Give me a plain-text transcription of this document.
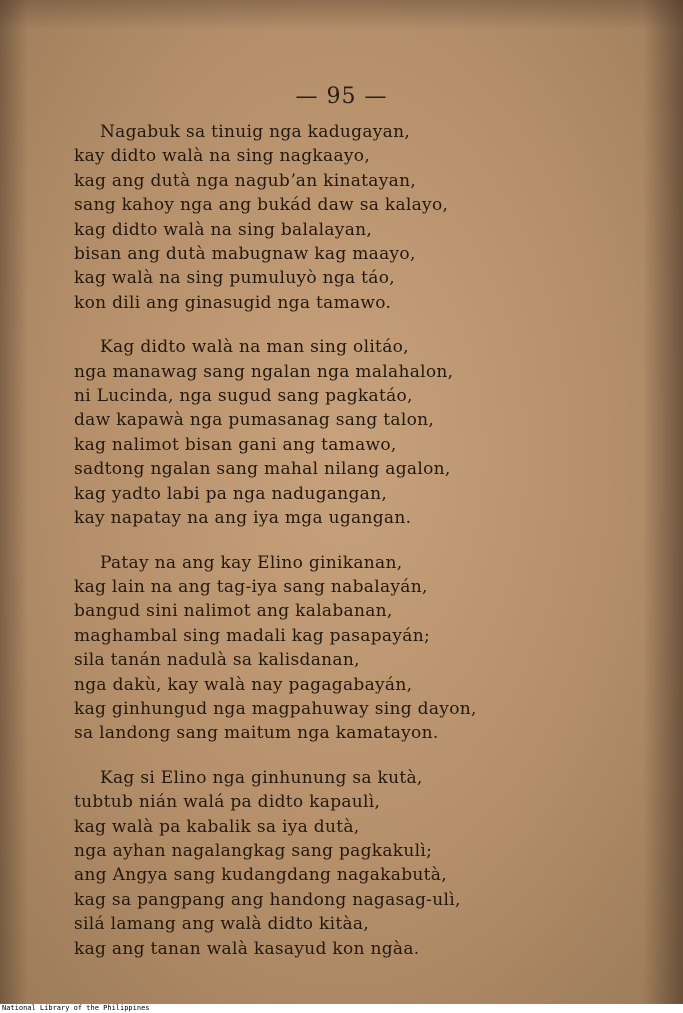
— 95 —
Nagabuk sa tinuig nga kadugayan,
kay didto walà na sing nagkaayo,
kag ang dutà nga nagubʼan kinatayan,
sang kahoy nga ang bukád daw sa kalayo,
kag didto walà na sing balalayan,
bisan ang dutà mabugnaw kag maayo,
kag walà na sing pumuluyò nga táo,
kon dili ang ginasugid nga tamawo.
Kag didto walà na man sing olitáo,
nga manawag sang ngalan nga malahalon,
ni Lucinda, nga sugud sang pagkatáo,
daw kapawà nga pumasanag sang talon,
kag nalimot bisan gani ang tamawo,
sadtong ngalan sang mahal nilang agalon,
kag yadto labi pa nga nadugangan,
kay napatay na ang iya mga ugangan.
Patay na ang kay Elino ginikanan,
kag lain na ang tag-iya sang nabalayán,
bangud sini nalimot ang kalabanan,
maghambal sing madali kag pasapayán;
sila tanán nadulà sa kalisdanan,
nga dakù, kay walà nay pagagabayán,
kag ginhungud nga magpahuway sing dayon,
sa landong sang maitum nga kamatayon.
Kag si Elino nga ginhunung sa kutà,
tubtub nián walá pa didto kapaulì,
kag walà pa kabalik sa iya dutà,
nga ayhan nagalangkag sang pagkakulì;
ang Angya sang kudangdang nagakabutà,
kag sa pangpang ang handong nagasag-ulì,
silá lamang ang walà didto kitàa,
kag ang tanan walà kasayud kon ngàa.
National Library of the Philippines
